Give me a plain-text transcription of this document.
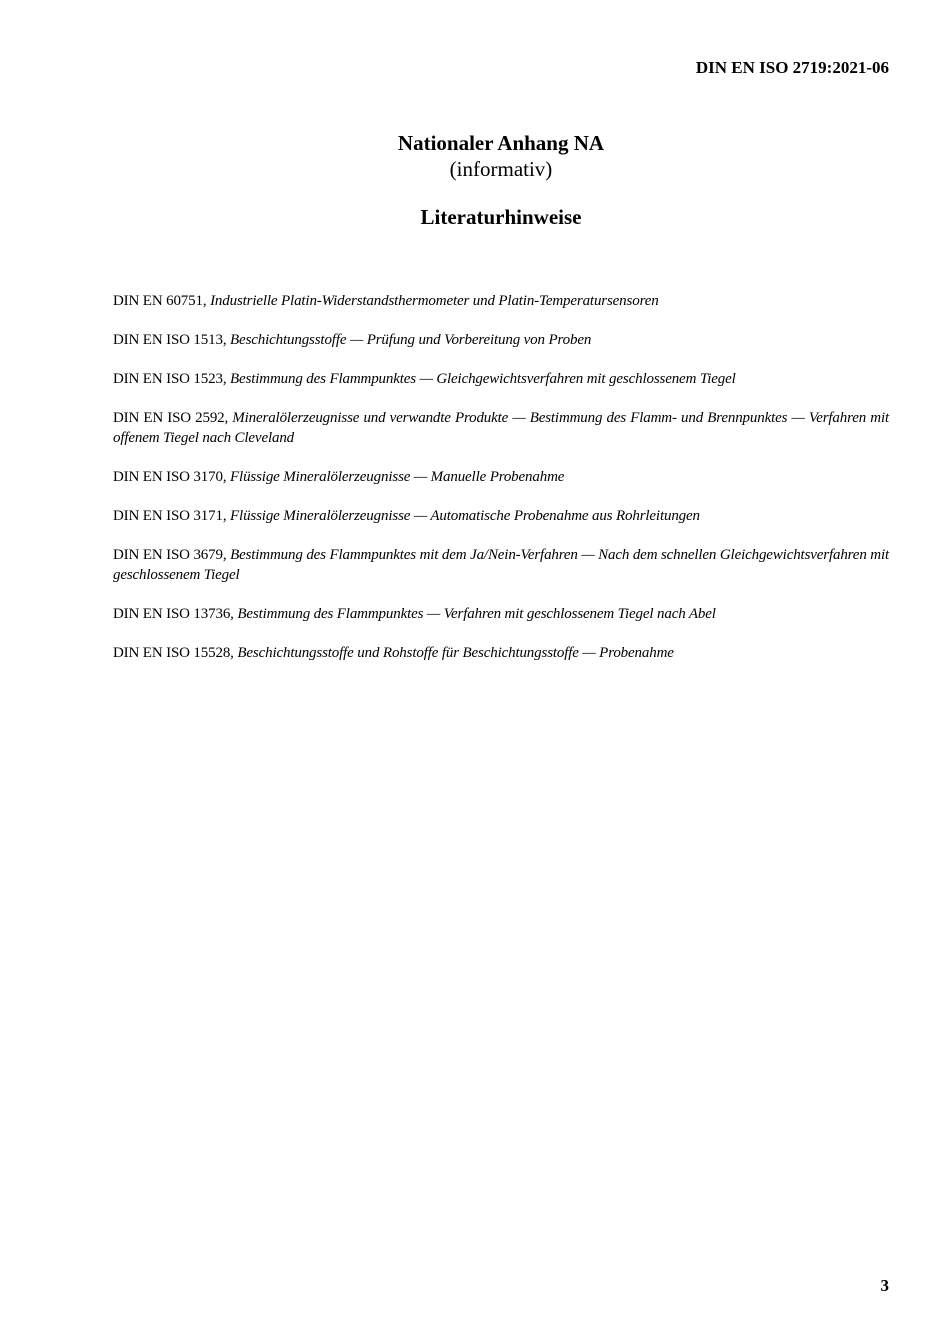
DIN EN ISO 2719:2021-06
Nationaler Anhang NA
(informativ)
Literaturhinweise

DIN EN 60751, Industrielle Platin-Widerstandsthermometer und Platin-Temperatursensoren

DIN EN ISO 1513, Beschichtungsstoffe — Prüfung und Vorbereitung von Proben

DIN EN ISO 1523, Bestimmung des Flammpunktes — Gleichgewichtsverfahren mit geschlossenem Tiegel

DIN EN ISO 2592, Mineralölerzeugnisse und verwandte Produkte — Bestimmung des Flamm- und Brennpunktes — Verfahren mit offenem Tiegel nach Cleveland

DIN EN ISO 3170, Flüssige Mineralölerzeugnisse — Manuelle Probenahme

DIN EN ISO 3171, Flüssige Mineralölerzeugnisse — Automatische Probenahme aus Rohrleitungen

DIN EN ISO 3679, Bestimmung des Flammpunktes mit dem Ja/Nein-Verfahren — Nach dem schnellen Gleichgewichtsverfahren mit geschlossenem Tiegel

DIN EN ISO 13736, Bestimmung des Flammpunktes — Verfahren mit geschlossenem Tiegel nach Abel

DIN EN ISO 15528, Beschichtungsstoffe und Rohstoffe für Beschichtungsstoffe — Probenahme

3
